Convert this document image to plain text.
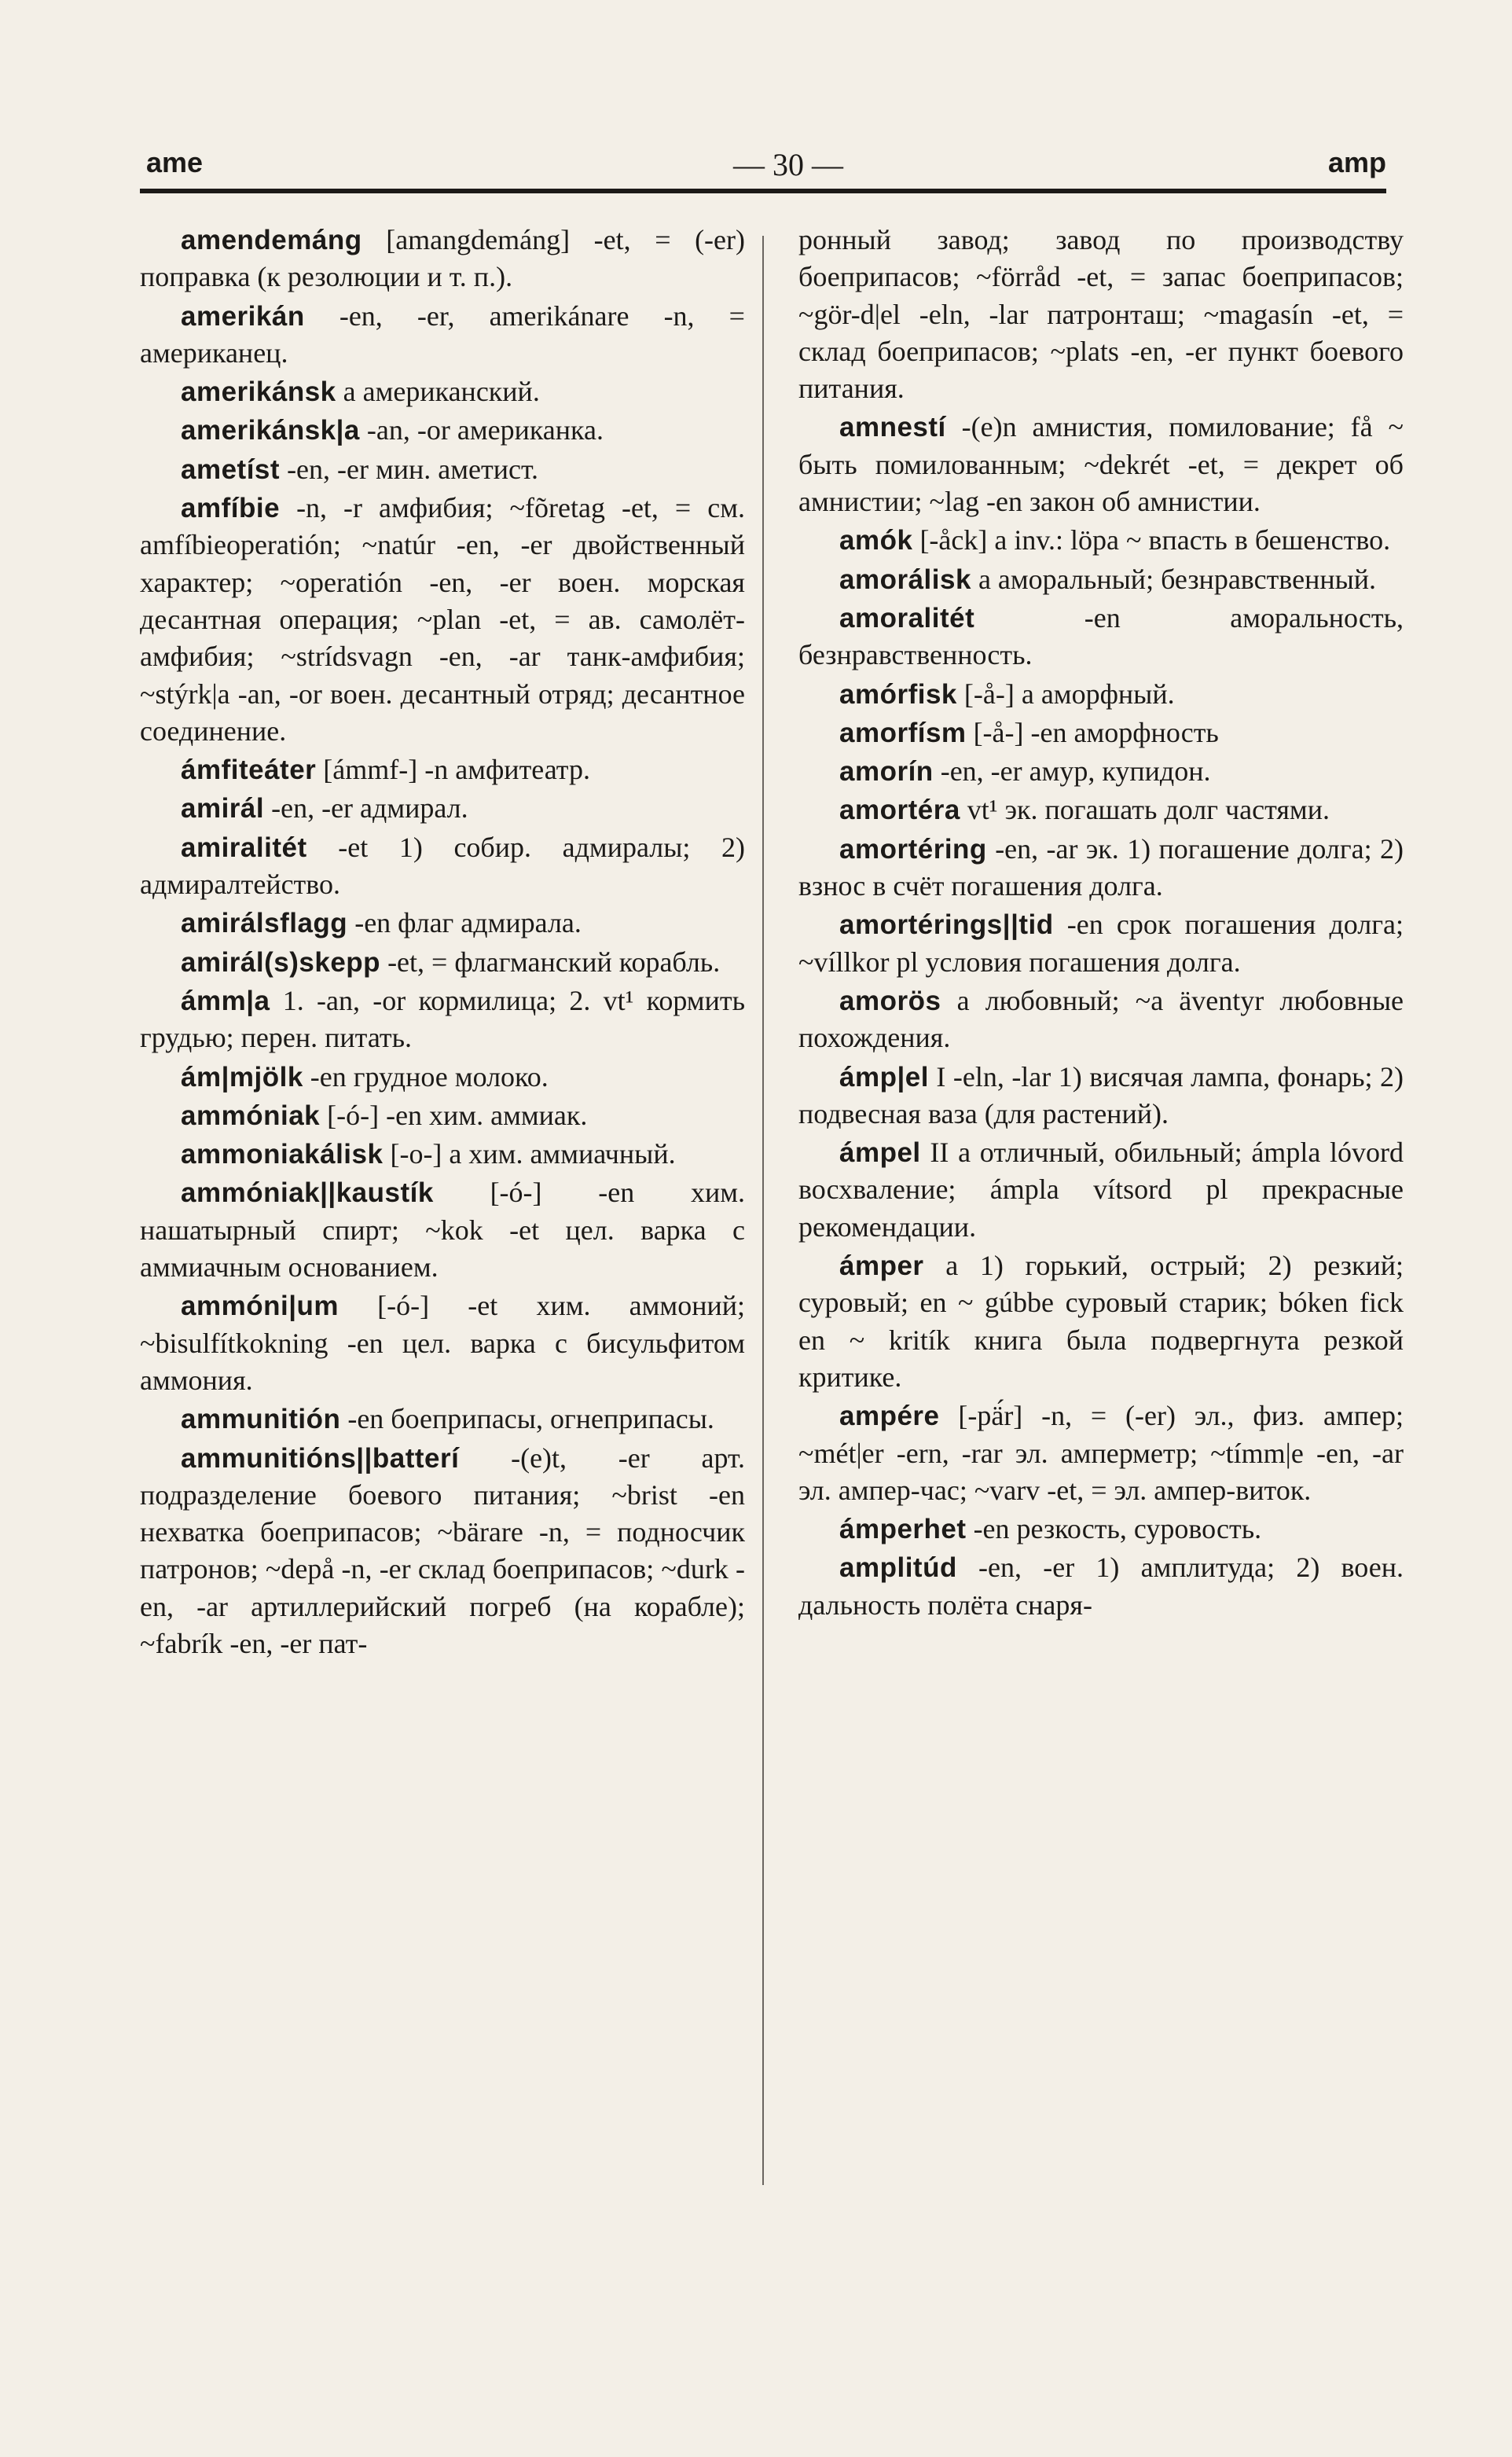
ame	— 30 —	amp

amendemáng [amangdemáng] -et, = (-er) поправка (к резолюции и т. п.).

amerikán -en, -er, amerikánare -n, = американец.

amerikánsk a американский.

amerikánsk|a -an, -or американка.

ametíst -en, -er мин. аметист.

amfíbie -n, -r амфибия; ~fõretag -et, = см. amfíbieoperatión; ~natúr -en, -er двойственный характер; ~operatión -en, -er воен. морская десантная операция; ~plan -et, = ав. самолёт-амфибия; ~strídsvagn -en, -ar танк-амфибия; ~stýrk|a -an, -or воен. десантный отряд; десантное соединение.

ámfiteáter [ámmf-] -n амфитеатр.

amirál -en, -er адмирал.

amiralitét -et 1) собир. адмиралы; 2) адмиралтейство.

amirálsflagg -en флаг адмирала.

amirál(s)skepp -et, = флагманский корабль.

ámm|a 1. -an, -or кормилица; 2. vt¹ кормить грудью; перен. питать.

ám|mjölk -en грудное молоко.

ammóniak [-ó-] -en хим. аммиак.

ammoniakálisk [-o-] a хим. аммиачный.

ammóniak||kaustík [-ó-] -en хим. нашатырный спирт; ~kok -et цел. варка с аммиачным основанием.

ammóni|um [-ó-] -et хим. аммоний; ~bisulfítkokning -en цел. варка с бисульфитом аммония.

ammunitión -en боеприпасы, огнеприпасы.

ammunitións||batterí -(e)t, -er арт. подразделение боевого питания; ~brist -en нехватка боеприпасов; ~bärare -n, = подносчик патронов; ~depå -n, -er склад боеприпасов; ~durk -en, -ar артиллерийский погреб (на корабле); ~fabrík -en, -er пат-

ронный завод; завод по производству боеприпасов; ~förråd -et, = запас боеприпасов; ~gör-d|el -eln, -lar патронташ; ~magasín -et, = склад боеприпасов; ~plats -en, -er пункт боевого питания.

amnestí -(e)n амнистия, помилование; få ~ быть помилованным; ~dekrét -et, = декрет об амнистии; ~lag -en закон об амнистии.

amók [-åck] a inv.: löpa ~ впасть в бешенство.

amorálisk a аморальный; безнравственный.

amoralitét	-en аморальность, безнравственность.

amórfisk [-å-] a аморфный.

amorfísm [-å-] -en аморфность

amorín -en, -er амур, купидон.

amortéra vt¹ эк. погашать долг частями.

amortéring -en, -ar эк. 1) погашение долга; 2) взнос в счёт погашения долга.

amortérings||tid -en срок погашения долга; ~víllkor pl условия погашения долга.

amorös a любовный; ~a äventyr любовные похождения.

ámp|el I -eln, -lar 1) висячая лампа, фонарь; 2) подвесная ваза (для растений).

ámpel II a отличный, обильный; ámpla lóvord восхваление; ámpla vítsord pl прекрасные рекомендации.

ámper a 1) горький, острый; 2) резкий; суровый; en ~ gúbbe суровый старик; bóken fick en ~ kritík книга была подвергнута резкой критике.

ampére [-pä́r] -n, = (-er) эл., физ. ампер; ~mét|er -ern, -rar эл. амперметр; ~tímm|e -en, -ar эл. ампер-час; ~varv -et, = эл. ампер-виток.

ámperhet -en резкость, суровость.

amplitúd -en, -er 1) амплитуда; 2) воен. дальность полёта снаря-
